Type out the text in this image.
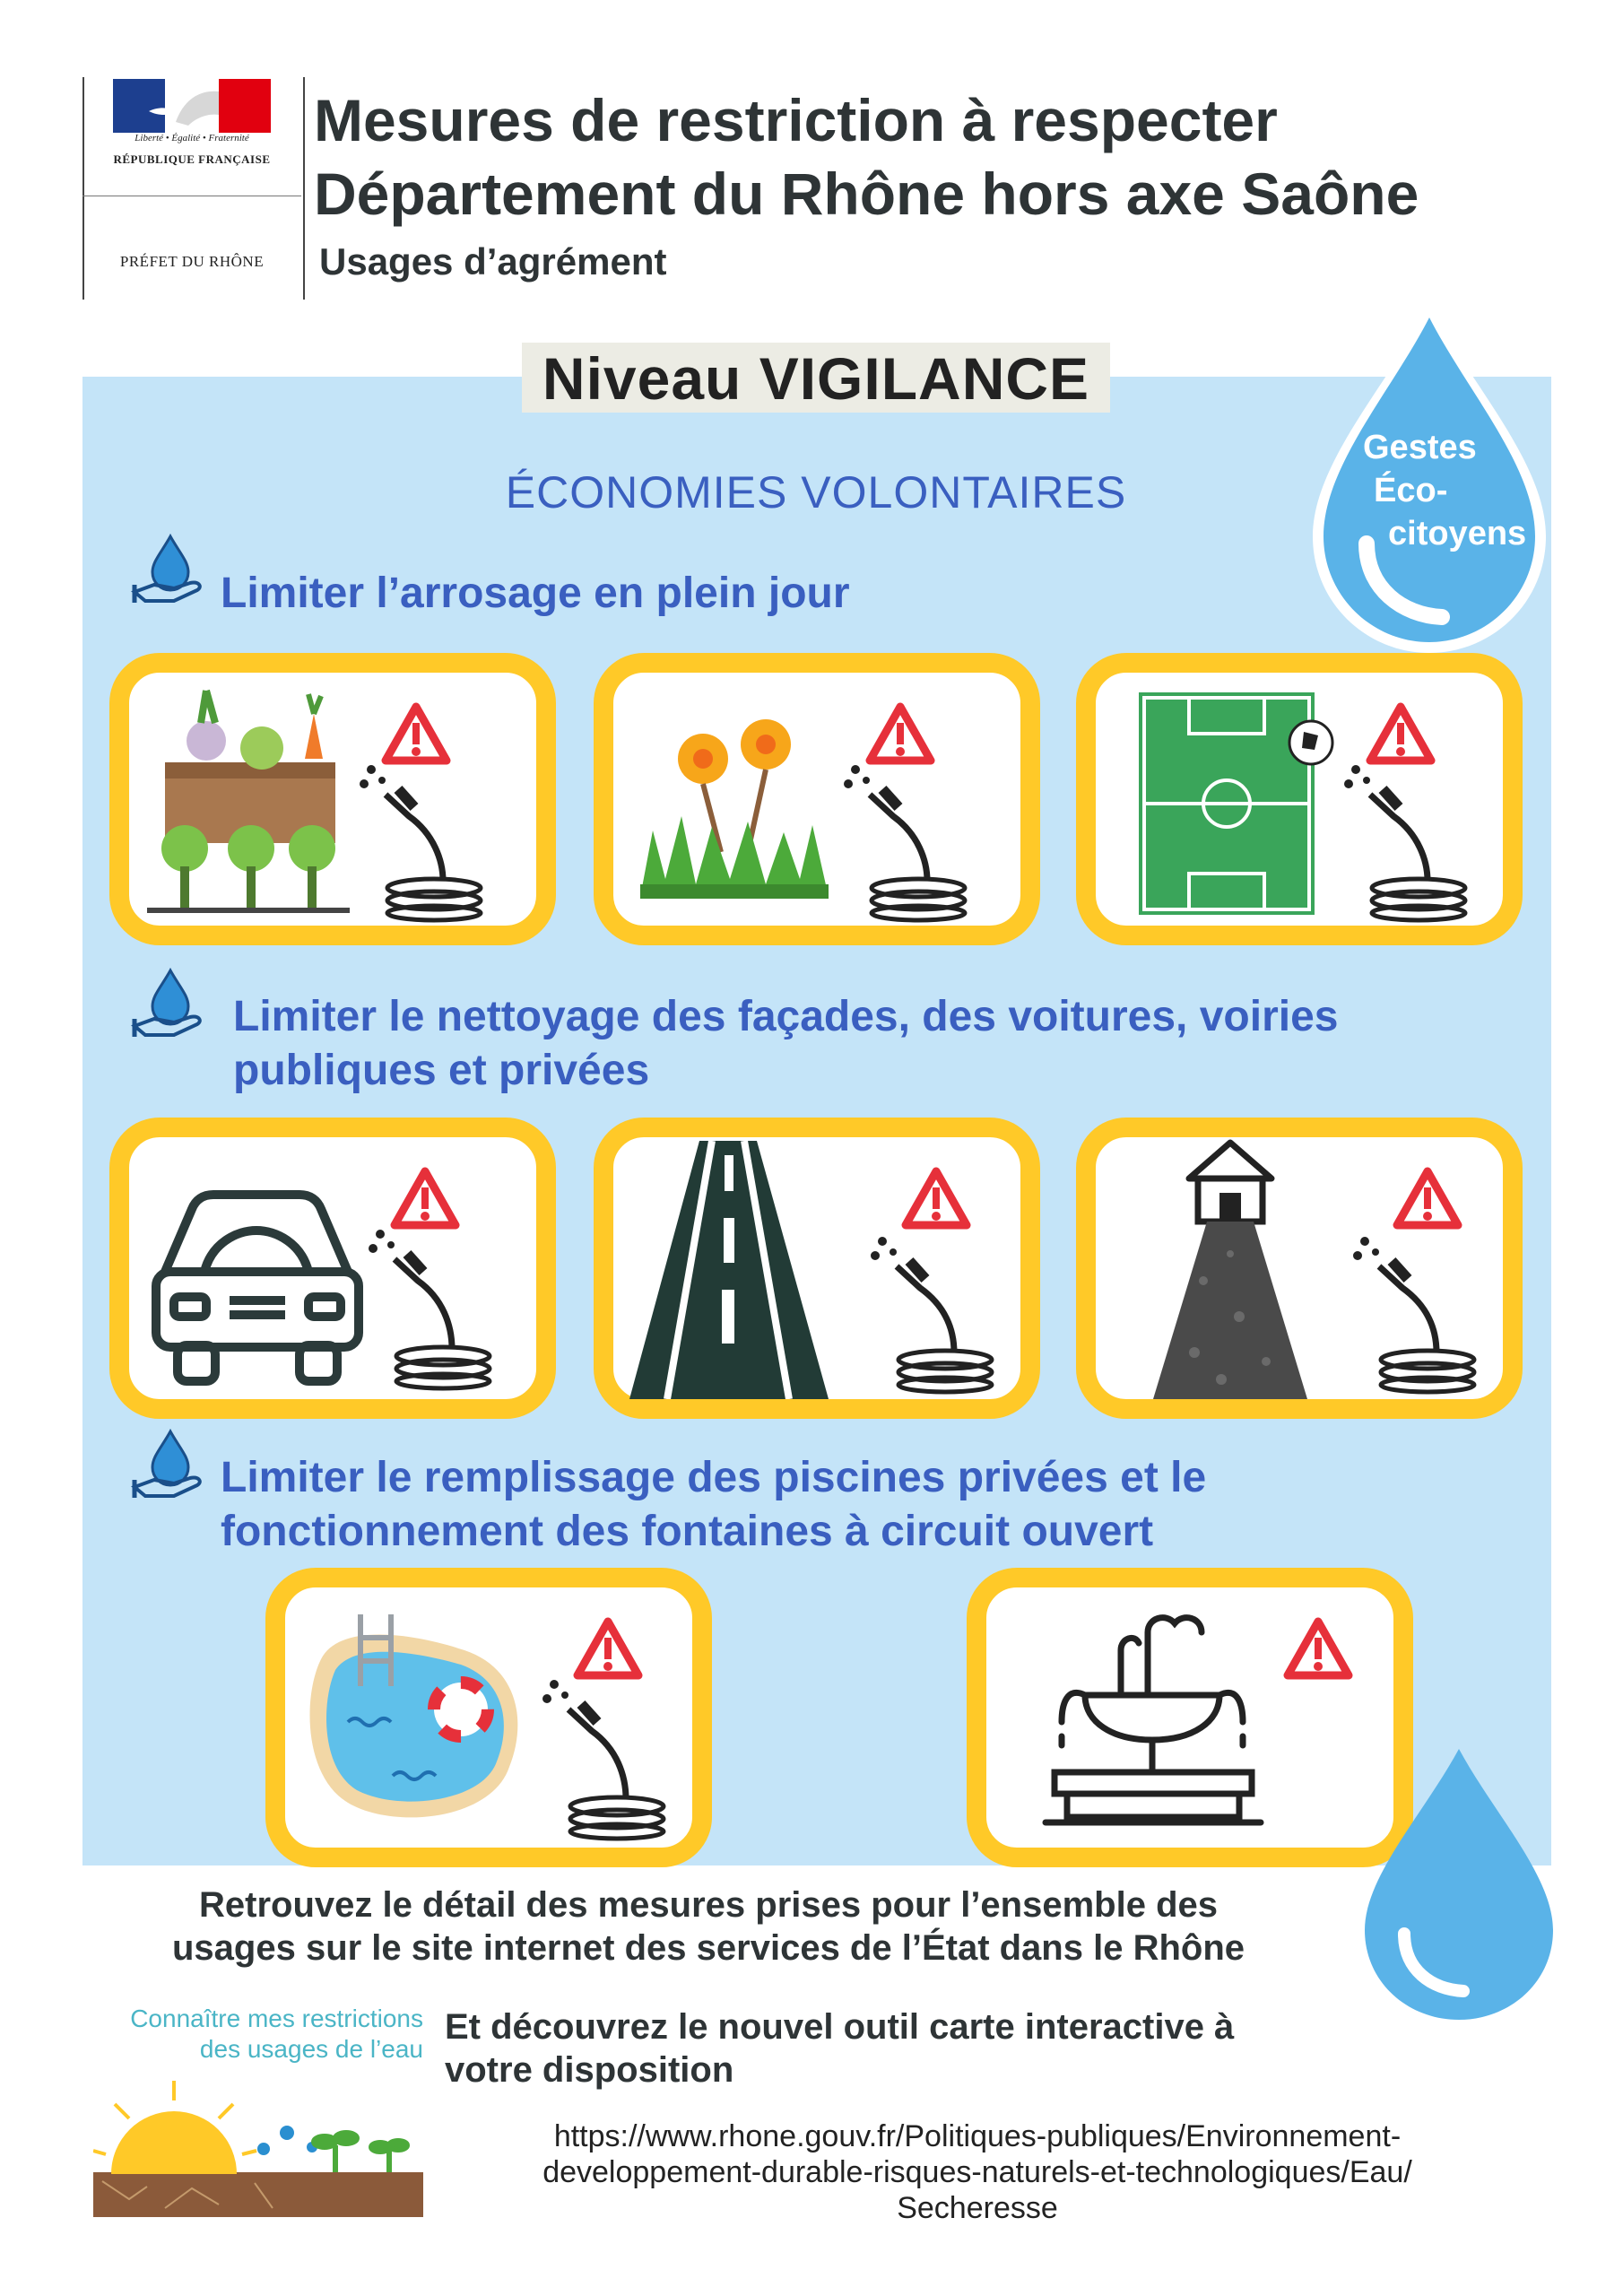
Liberté • Égalité • Fraternité
RÉPUBLIQUE FRANÇAISE
PRÉFET DU RHÔNE
Mesures de restriction à respecter
Département du Rhône hors axe Saône
Usages d’agrément
Niveau VIGILANCE
ÉCONOMIES VOLONTAIRES
Gestes
Éco-
citoyens
Limiter l’arrosage en plein jour
Limiter le nettoyage des façades, des voitures, voiries
publiques et privées
Limiter le remplissage des piscines privées et le
fonctionnement des fontaines à circuit ouvert
Retrouvez le détail des mesures prises pour l’ensemble des
usages sur le site internet des services de l’État dans le Rhône
Connaître mes restrictions
des usages de l’eau
Et découvrez le nouvel outil carte interactive à
votre disposition
https://www.rhone.gouv.fr/Politiques-publiques/Environnement-
developpement-durable-risques-naturels-et-technologiques/Eau/
Secheresse
